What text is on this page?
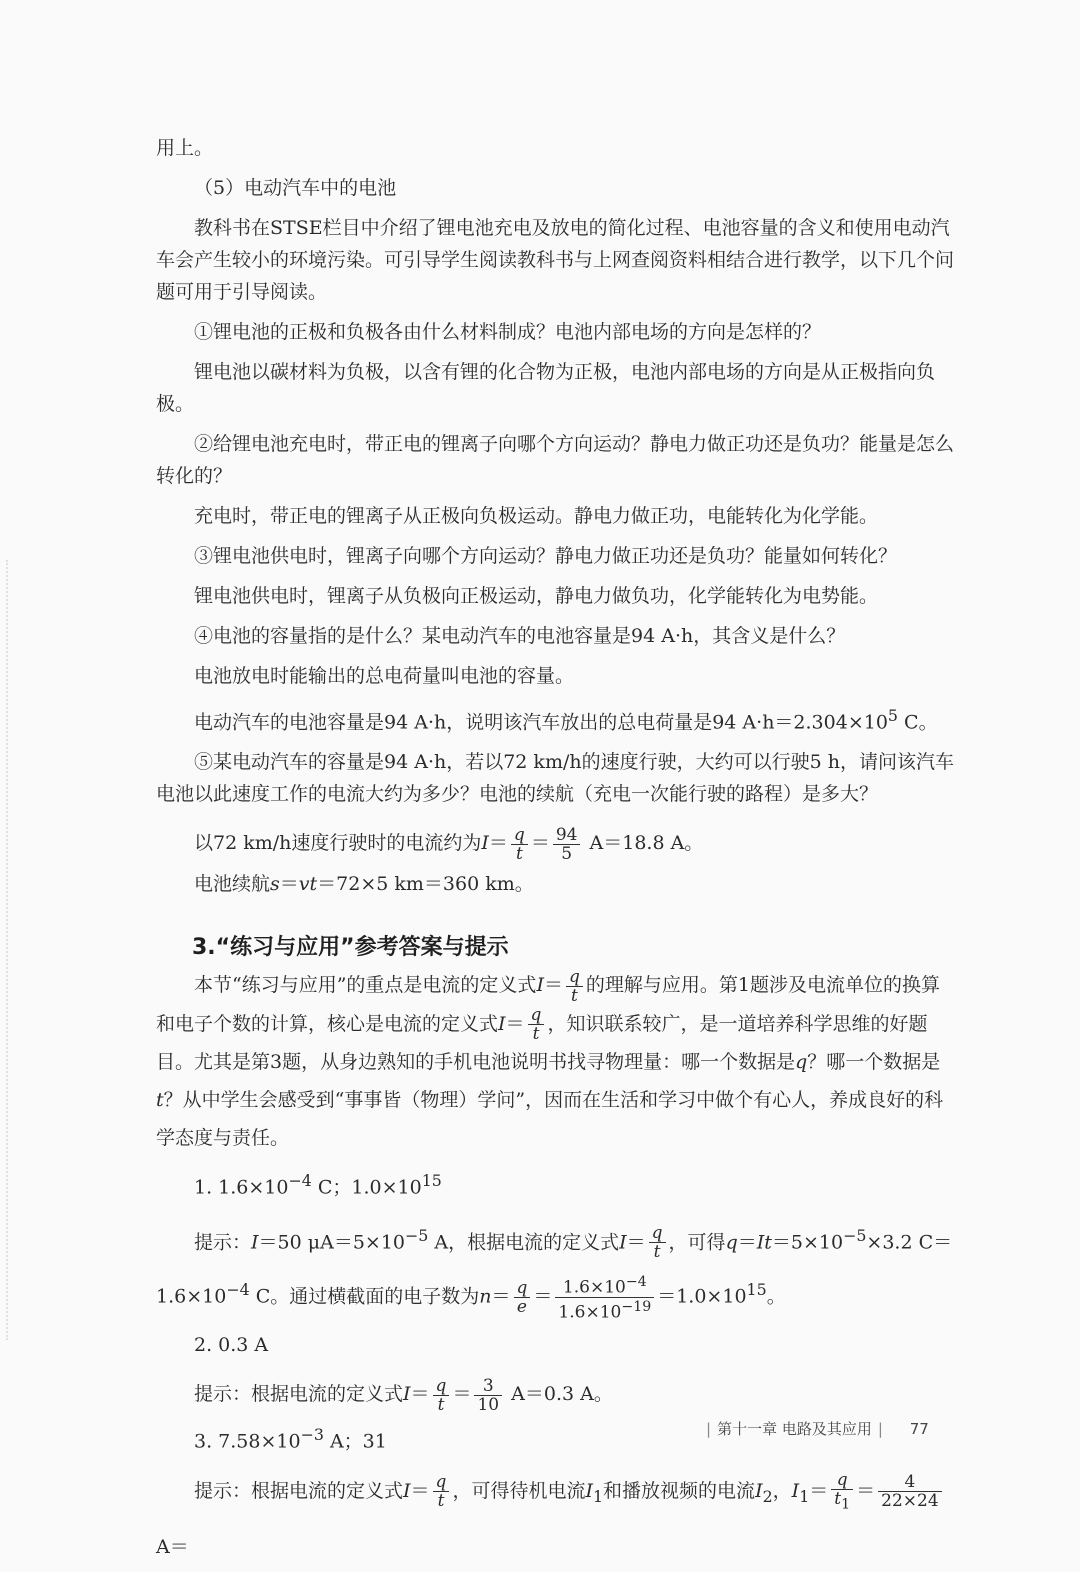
用上。

（5）电动汽车中的电池

教科书在STSE栏目中介绍了锂电池充电及放电的简化过程、电池容量的含义和使用电动汽车会产生较小的环境污染。可引导学生阅读教科书与上网查阅资料相结合进行教学，以下几个问题可用于引导阅读。

①锂电池的正极和负极各由什么材料制成？电池内部电场的方向是怎样的？

锂电池以碳材料为负极，以含有锂的化合物为正极，电池内部电场的方向是从正极指向负极。

②给锂电池充电时，带正电的锂离子向哪个方向运动？静电力做正功还是负功？能量是怎么转化的？

充电时，带正电的锂离子从正极向负极运动。静电力做正功，电能转化为化学能。

③锂电池供电时，锂离子向哪个方向运动？静电力做正功还是负功？能量如何转化？

锂电池供电时，锂离子从负极向正极运动，静电力做负功，化学能转化为电势能。

④电池的容量指的是什么？某电动汽车的电池容量是94 A·h，其含义是什么？

电池放电时能输出的总电荷量叫电池的容量。

电动汽车的电池容量是94 A·h，说明该汽车放出的总电荷量是94 $A\cdot h=2.304\times 10^5$ C。

⑤某电动汽车的容量是94 A·h，若以72 km/h的速度行驶，大约可以行驶5 h，请问该汽车电池以此速度工作的电流大约为多少？电池的续航（充电一次能行驶的路程）是多大？

以72 km/h速度行驶时的电流约为$I= \frac{q}{t} = \frac{94}{5} A=18.8$ A。

电池续航s＝vt＝72×5 km＝360 km。

3.“练习与应用”参考答案与提示

本节“练习与应用”的重点是电流的定义式$I= \frac{q}{t}$ 的理解与应用。第1题涉及电流单位的换算和电子个数的计算，核心是电流的定义式$I= \frac{q}{t}$ ，知识联系较广，是一道培养科学思维的好题目。尤其是第3题，从身边熟知的手机电池说明书找寻物理量：哪一个数据是q？哪一个数据是t？从中学生会感受到“事事皆（物理）学问”，因而在生活和学习中做个有心人，养成良好的科学态度与责任。

1. $1.6\times 10^{-4}$ C；$1.0\times 10^{15}$

提示：I＝50 $\mu A=5\times 10^{-5}$ A，根据电流的定义式$I= \frac{q}{t}$ ，可得$q=It=5\times 10^{-5}\times 3.2$ $C=1.6\times 10^{-4}$ C。通过横截面的电子数为$n= \frac{q}{e} = \frac{1.6\times 10^{-4}}{1.6\times 10^{-19}} =1.0\times 10^{15}$。

2. 0.3 A

提示：根据电流的定义式$I= \frac{q}{t} = \frac{3}{10} A=0.3$ A。

3. $7.58\times 10^{-3}$ A；31

提示：根据电流的定义式$I= \frac{q}{t}$ ，可得待机电流$I_1$和播放视频的电流$I_2$，$I_1= \frac{q}{t_1} = \frac{4}{22\times 24}$
A＝

| 第十一章 电路及其应用 | 77
